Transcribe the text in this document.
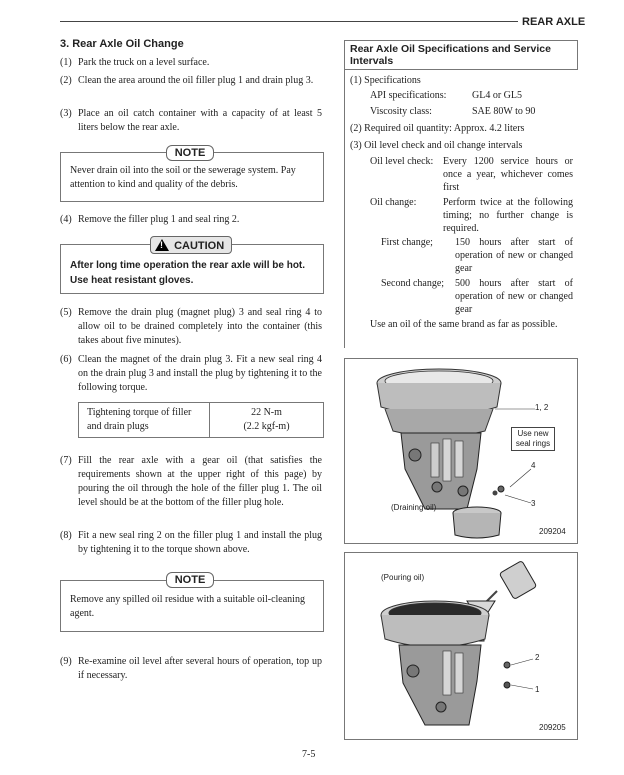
REAR AXLE
3. Rear Axle Oil Change
(1) Park the truck on a level surface.
(2) Clean the area around the oil filler plug 1 and drain plug 3.
(3) Place an oil catch container with a capacity of at least 5 liters below the rear axle.
NOTE
Never drain oil into the soil or the sewerage system. Pay attention to kind and quality of the debris.
(4) Remove the filler plug 1 and seal ring 2.

! CAUTION
After long time operation the rear axle will be hot. Use heat resistant gloves.
(5) Remove the drain plug (magnet plug) 3 and seal ring 4 to allow oil to be drained completely into the container (this takes about five minutes).
(6) Clean the magnet of the drain plug 3. Fit a new seal ring 4 on the drain plug 3 and install the plug by tightening it to the following torque.
Tightening torque of filler and drain plugs
22 N-m
(2.2 kgf-m)
(7) Fill the rear axle with a gear oil (that satisfies the requirements shown at the upper right of this page) by pouring the oil through the hole of the filler plug 1. The oil level should be at the bottom of the filler plug hole.
(8) Fit a new seal ring 2 on the filler plug 1 and install the plug by tightening it to the torque shown above.
NOTE
Remove any spilled oil residue with a suitable oil-cleaning agent.
(9) Re-examine oil level after several hours of operation, top up if necessary.
Rear Axle Oil Specifications and Service Intervals
(1) Specifications
API specifications:	GL4 or GL5
Viscosity class:	SAE 80W to 90
(2) Required oil quantity: Approx. 4.2 liters
(3) Oil level check and oil change intervals
Oil level check: Every 1200 service hours or once a year, whichever comes first
Oil change:	Perform twice at the following timing; no further change is required.
First change; 150 hours after start of operation of new or changed gear
Second change; 500 hours after start of operation of new or changed gear
Use an oil of the same brand as far as possible.
1, 2
Use new seal rings
4
3
(Draining oil)
209204
(Pouring oil)
2
1
209205
7-5
